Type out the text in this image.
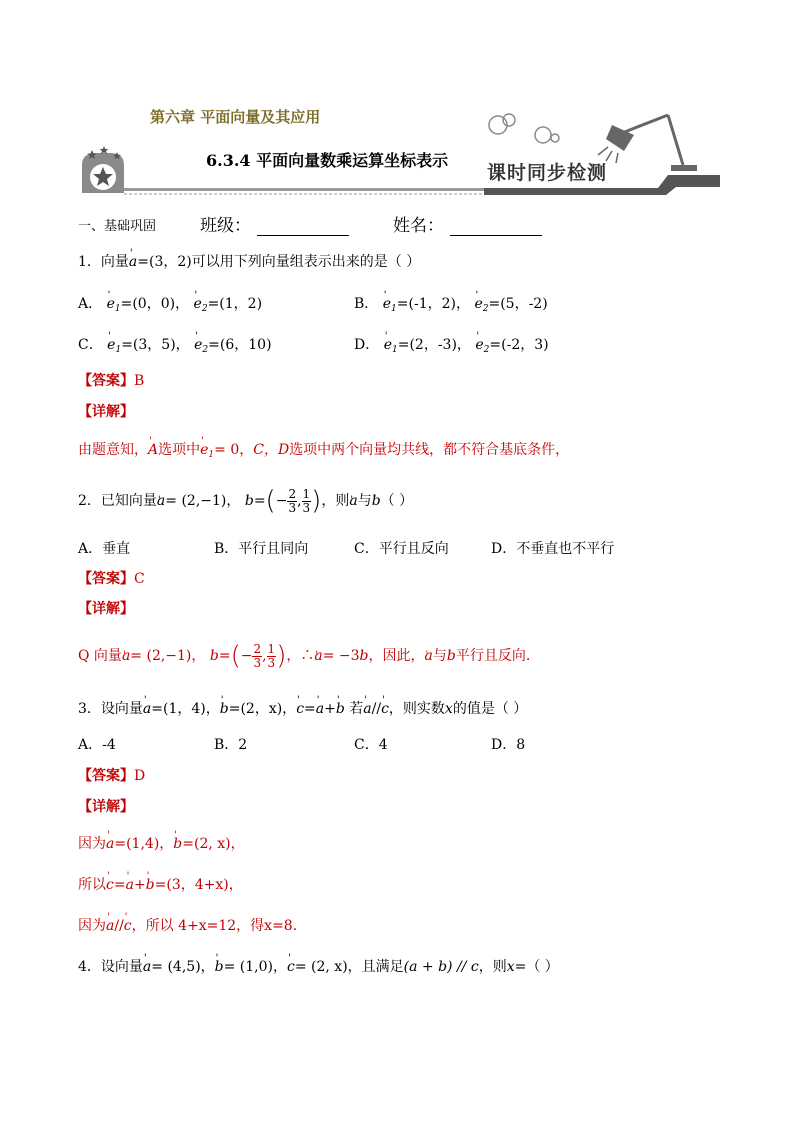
第六章 平面向量及其应用
6.3.4 平面向量数乘运算坐标表示
课时同步检测
一、基础巩固	班级：	姓名：
1．向量' a=(3，2)可以用下列向量组表示出来的是（ ）
A． ' $e_1=(0$，0)， ' $e_2=(1$，2)	B． ' $e_1=(-1$，2)， ' $e_2=(5$，-2)
C． ' $e_1=(3$，5)， ' $e_2=(6$，10)	D． ' $e_1=(2$，-3)， ' $e_2=(-2$，3)
【答案】B
【详解】
由题意知，' A选项中' $e_1= 0$，C，D选项中两个向量均共线，都不符合基底条件，
2．已知向量' a= (2,−1)， ' $b=(- \frac{2}{3}$ , $\frac{1}{3}$ )，则' a与' b（ ）
A．垂直	B．平行且同向	C．平行且反向	D．不垂直也不平行
【答案】C
【详解】
Q 向量' a= (2,−1)， ' $b=(- \frac{2}{3}$ , $\frac{1}{3}$ )，∴' a= −3' b，因此，' a与' b平行且反向.
3．设向量' a=(1，4)，' b=(2，x)，' c=' a+' b 若' a//' c，则实数x的值是（ ）
A．-4	B．2	C．4	D．8
【答案】D
【详解】
因为' a=(1,4)，' b=(2, x)，
所以' c=' a+' b=(3，4+x)，
因为' a//' c，所以 4+x=12，得x=8.
4．设向量' a= (4,5)，' b= (1,0)，' c= (2, x)，且满足(a + b) // c，则x=（ ）
